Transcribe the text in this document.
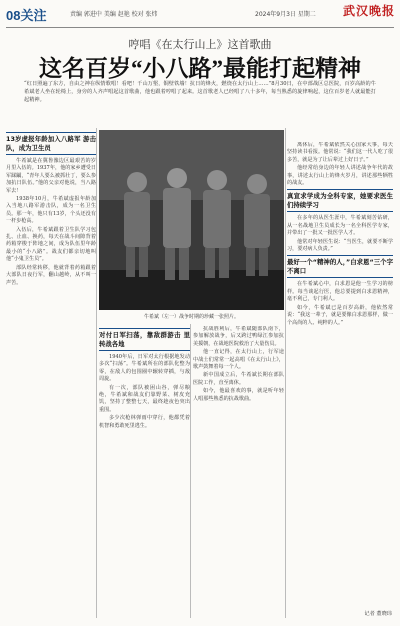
08关注	责编 郭进中 美编 赵艳 校对 张炜	2024年9月3日 星期二 武汉晚报
哼唱《在太行山上》这首歌曲
这名百岁“小八路”最能打起精神
“红日照遍了东方，自由之神在纵情歌唱！看吧！千山万壑，铜壁铁墙！抗日的烽火，燃烧在太行山上……”8月30日，在中部战区总医院，百岁高龄的牛希斌老人坐在轮椅上，身旁的人齐声唱起这首歌曲，他也跟着哼唱了起来。这首歌老人已经唱了八十多年，每当熟悉的旋律响起，这位百岁老人就最能打起精神。
13岁虚报年龄加入八路军 游击队，成为卫生员

牛希斌是在冀鲁豫边区最艰苦的岁月里入伍的。1937年，他的家乡遭受日军蹂躏，“青年人要么被抓壮丁，要么参加抗日队伍。”他的父亲对他说，当八路军去！

1938年10月，牛希斌虚报年龄加入当地八路军游击队，成为一名卫生员。那一年，他只有13岁，个头还没有一杆步枪高。

入伍后，牛希斌跟着卫生队学习包扎、止血、换药，每天在战斗间隙背着药箱穿梭于阵地之间，成为队伍里年龄最小的“小八路”。战友们都亲切地叫他“小鬼卫生员”。

部队经常转移，他就背着药箱跟着大部队日夜行军，翻山越岭，从不叫一声苦。

牛希斌（左一）战争时期的珍藏一张照片。
对付日军扫荡，靠敌群游击 里转战各地

1940年后，日军对太行根据地发动多次“扫荡”。牛希斌所在的部队化整为零，在敌人的包围圈中辗转穿插，与敌周旋。

有一次，部队被困山谷，弹尽粮绝，牛希斌和战友们靠野菜、树皮充饥，坚持了整整七天，最终趁夜色突出重围。

多少次枪林弹雨中穿行，他都凭着机智和勇敢死里逃生。

抗战胜利后，牛希斌随部队南下，参加解放战争，后又跨过鸭绿江参加抗美援朝，在战地医院救治了大量伤员。

他一直记得，在太行山上，行军途中战士们常常一起高唱《在太行山上》，歌声鼓舞着每一个人。

新中国成立后，牛希斌长期在部队医院工作，直至离休。

如今，他最喜欢的事，就是听年轻人唱那些熟悉的抗战歌曲。

离休后，牛希斌依然关心国家大事，每天坚持读书看报。他常说：“我们这一代人吃了很多苦，就是为了让后辈过上好日子。”

他经常给身边的年轻人讲述战争年代的故事，讲述太行山上的烽火岁月，讲述那些牺牲的战友。

真宣求学成为全科专家，她要求医生们持续学习

在多年的从医生涯中，牛希斌刻苦钻研，从一名战地卫生员成长为一名全科医学专家，并带出了一批又一批医学人才。

他常对年轻医生说：“当医生，就要不断学习，要对病人负责。”

最好一个“精神的人，”白求恩“三个字不离口

在牛希斌心中，白求恩是他一生学习的榜样。每当谈起行医，他总要提到白求恩精神，毫不利己，专门利人。

如今，牛希斌已是百岁高龄，他依然常说：“我这一辈子，就是要像白求恩那样，做一个高尚的人、纯粹的人。”

记者 董晓玮
